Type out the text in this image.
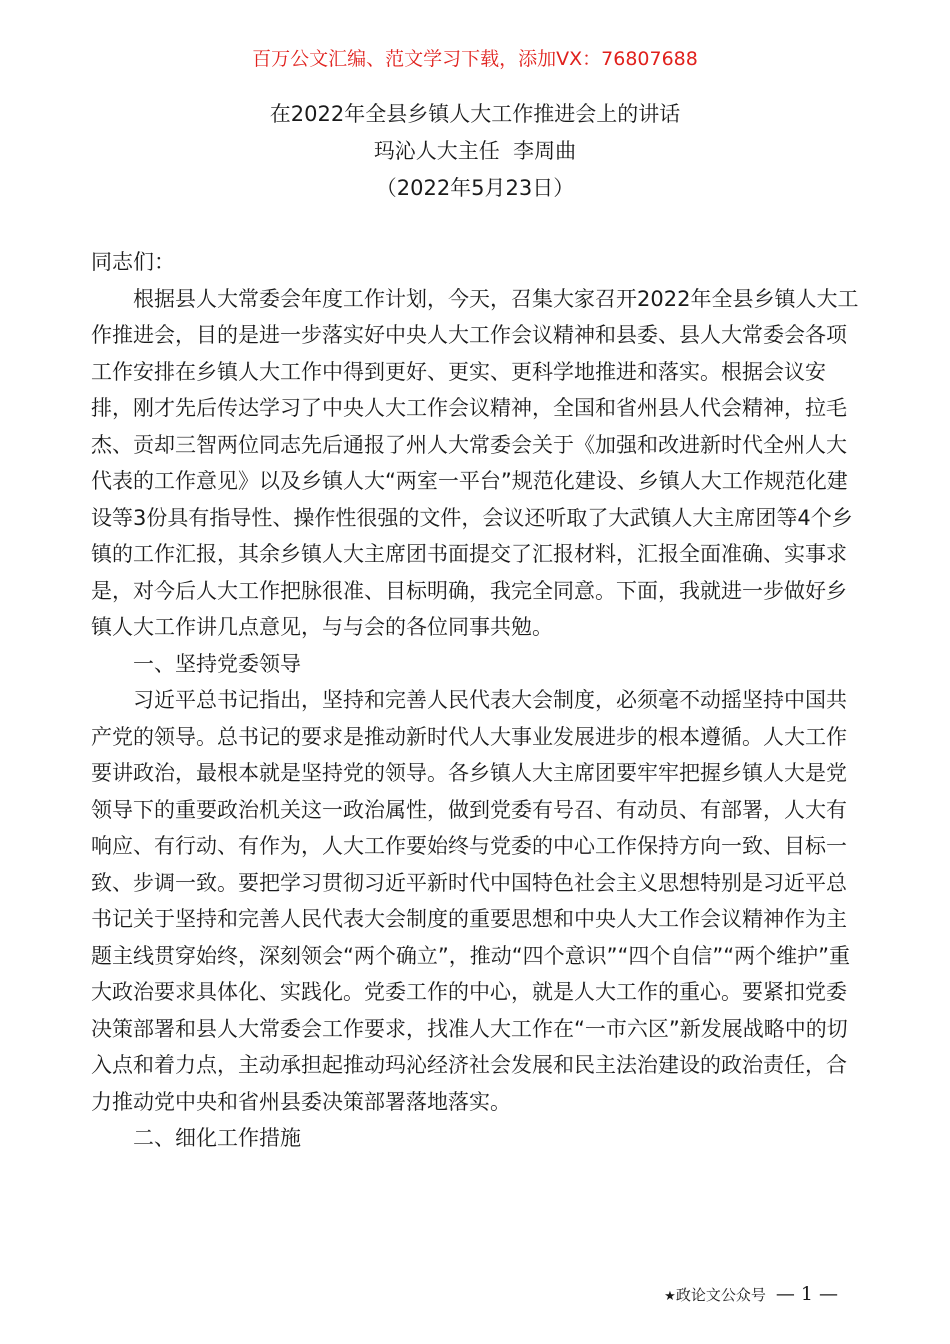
百万公文汇编、范文学习下载，添加VX：76807688
在2022年全县乡镇人大工作推进会上的讲话
玛沁人大主任  李周曲
（2022年5月23日）

同志们：

根据县人大常委会年度工作计划，今天，召集大家召开2022年全县乡镇人大工作推进会，目的是进一步落实好中央人大工作会议精神和县委、县人大常委会各项工作安排在乡镇人大工作中得到更好、更实、更科学地推进和落实。根据会议安排，刚才先后传达学习了中央人大工作会议精神，全国和省州县人代会精神，拉毛杰、贡却三智两位同志先后通报了州人大常委会关于《加强和改进新时代全州人大代表的工作意见》以及乡镇人大“两室一平台”规范化建设、乡镇人大工作规范化建设等3份具有指导性、操作性很强的文件，会议还听取了大武镇人大主席团等4个乡镇的工作汇报，其余乡镇人大主席团书面提交了汇报材料，汇报全面准确、实事求是，对今后人大工作把脉很准、目标明确，我完全同意。下面，我就进一步做好乡镇人大工作讲几点意见，与与会的各位同事共勉。

一、坚持党委领导

习近平总书记指出，坚持和完善人民代表大会制度，必须毫不动摇坚持中国共产党的领导。总书记的要求是推动新时代人大事业发展进步的根本遵循。人大工作要讲政治，最根本就是坚持党的领导。各乡镇人大主席团要牢牢把握乡镇人大是党领导下的重要政治机关这一政治属性，做到党委有号召、有动员、有部署，人大有响应、有行动、有作为，人大工作要始终与党委的中心工作保持方向一致、目标一致、步调一致。要把学习贯彻习近平新时代中国特色社会主义思想特别是习近平总书记关于坚持和完善人民代表大会制度的重要思想和中央人大工作会议精神作为主题主线贯穿始终，深刻领会“两个确立”，推动“四个意识”“四个自信”“两个维护”重大政治要求具体化、实践化。党委工作的中心，就是人大工作的重心。要紧扣党委决策部署和县人大常委会工作要求，找准人大工作在“一市六区”新发展战略中的切入点和着力点，主动承担起推动玛沁经济社会发展和民主法治建设的政治责任，合力推动党中央和省州县委决策部署落地落实。

二、细化工作措施

★政论文公众号 — 1 —
